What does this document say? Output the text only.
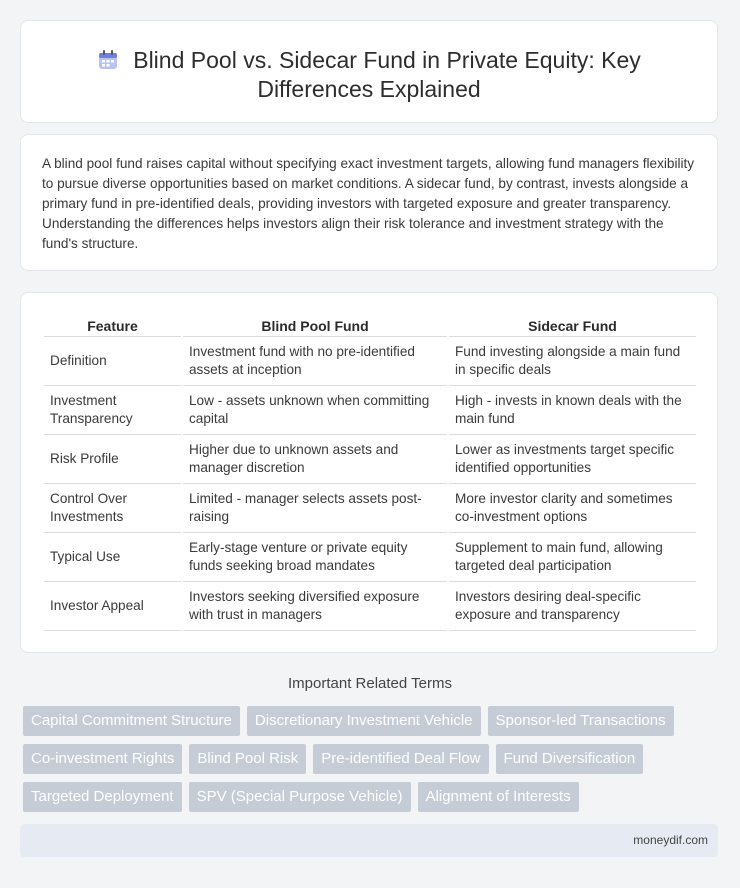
Blind Pool vs. Sidecar Fund in Private Equity: Key Differences Explained

A blind pool fund raises capital without specifying exact investment targets, allowing fund managers flexibility to pursue diverse opportunities based on market conditions. A sidecar fund, by contrast, invests alongside a primary fund in pre-identified deals, providing investors with targeted exposure and greater transparency. Understanding the differences helps investors align their risk tolerance and investment strategy with the fund's structure.

Feature	Blind Pool Fund	Sidecar Fund
Definition	Investment fund with no pre-identified assets at inception	Fund investing alongside a main fund in specific deals
Investment Transparency	Low - assets unknown when committing capital	High - invests in known deals with the main fund
Risk Profile	Higher due to unknown assets and manager discretion	Lower as investments target specific identified opportunities
Control Over Investments	Limited - manager selects assets post-raising	More investor clarity and sometimes co-investment options
Typical Use	Early-stage venture or private equity funds seeking broad mandates	Supplement to main fund, allowing targeted deal participation
Investor Appeal	Investors seeking diversified exposure with trust in managers	Investors desiring deal-specific exposure and transparency
Important Related Terms
Capital Commitment Structure	Discretionary Investment Vehicle	Sponsor-led Transactions
Co-investment Rights	Blind Pool Risk	Pre-identified Deal Flow	Fund Diversification
Targeted Deployment	SPV (Special Purpose Vehicle)	Alignment of Interests
moneydif.com
